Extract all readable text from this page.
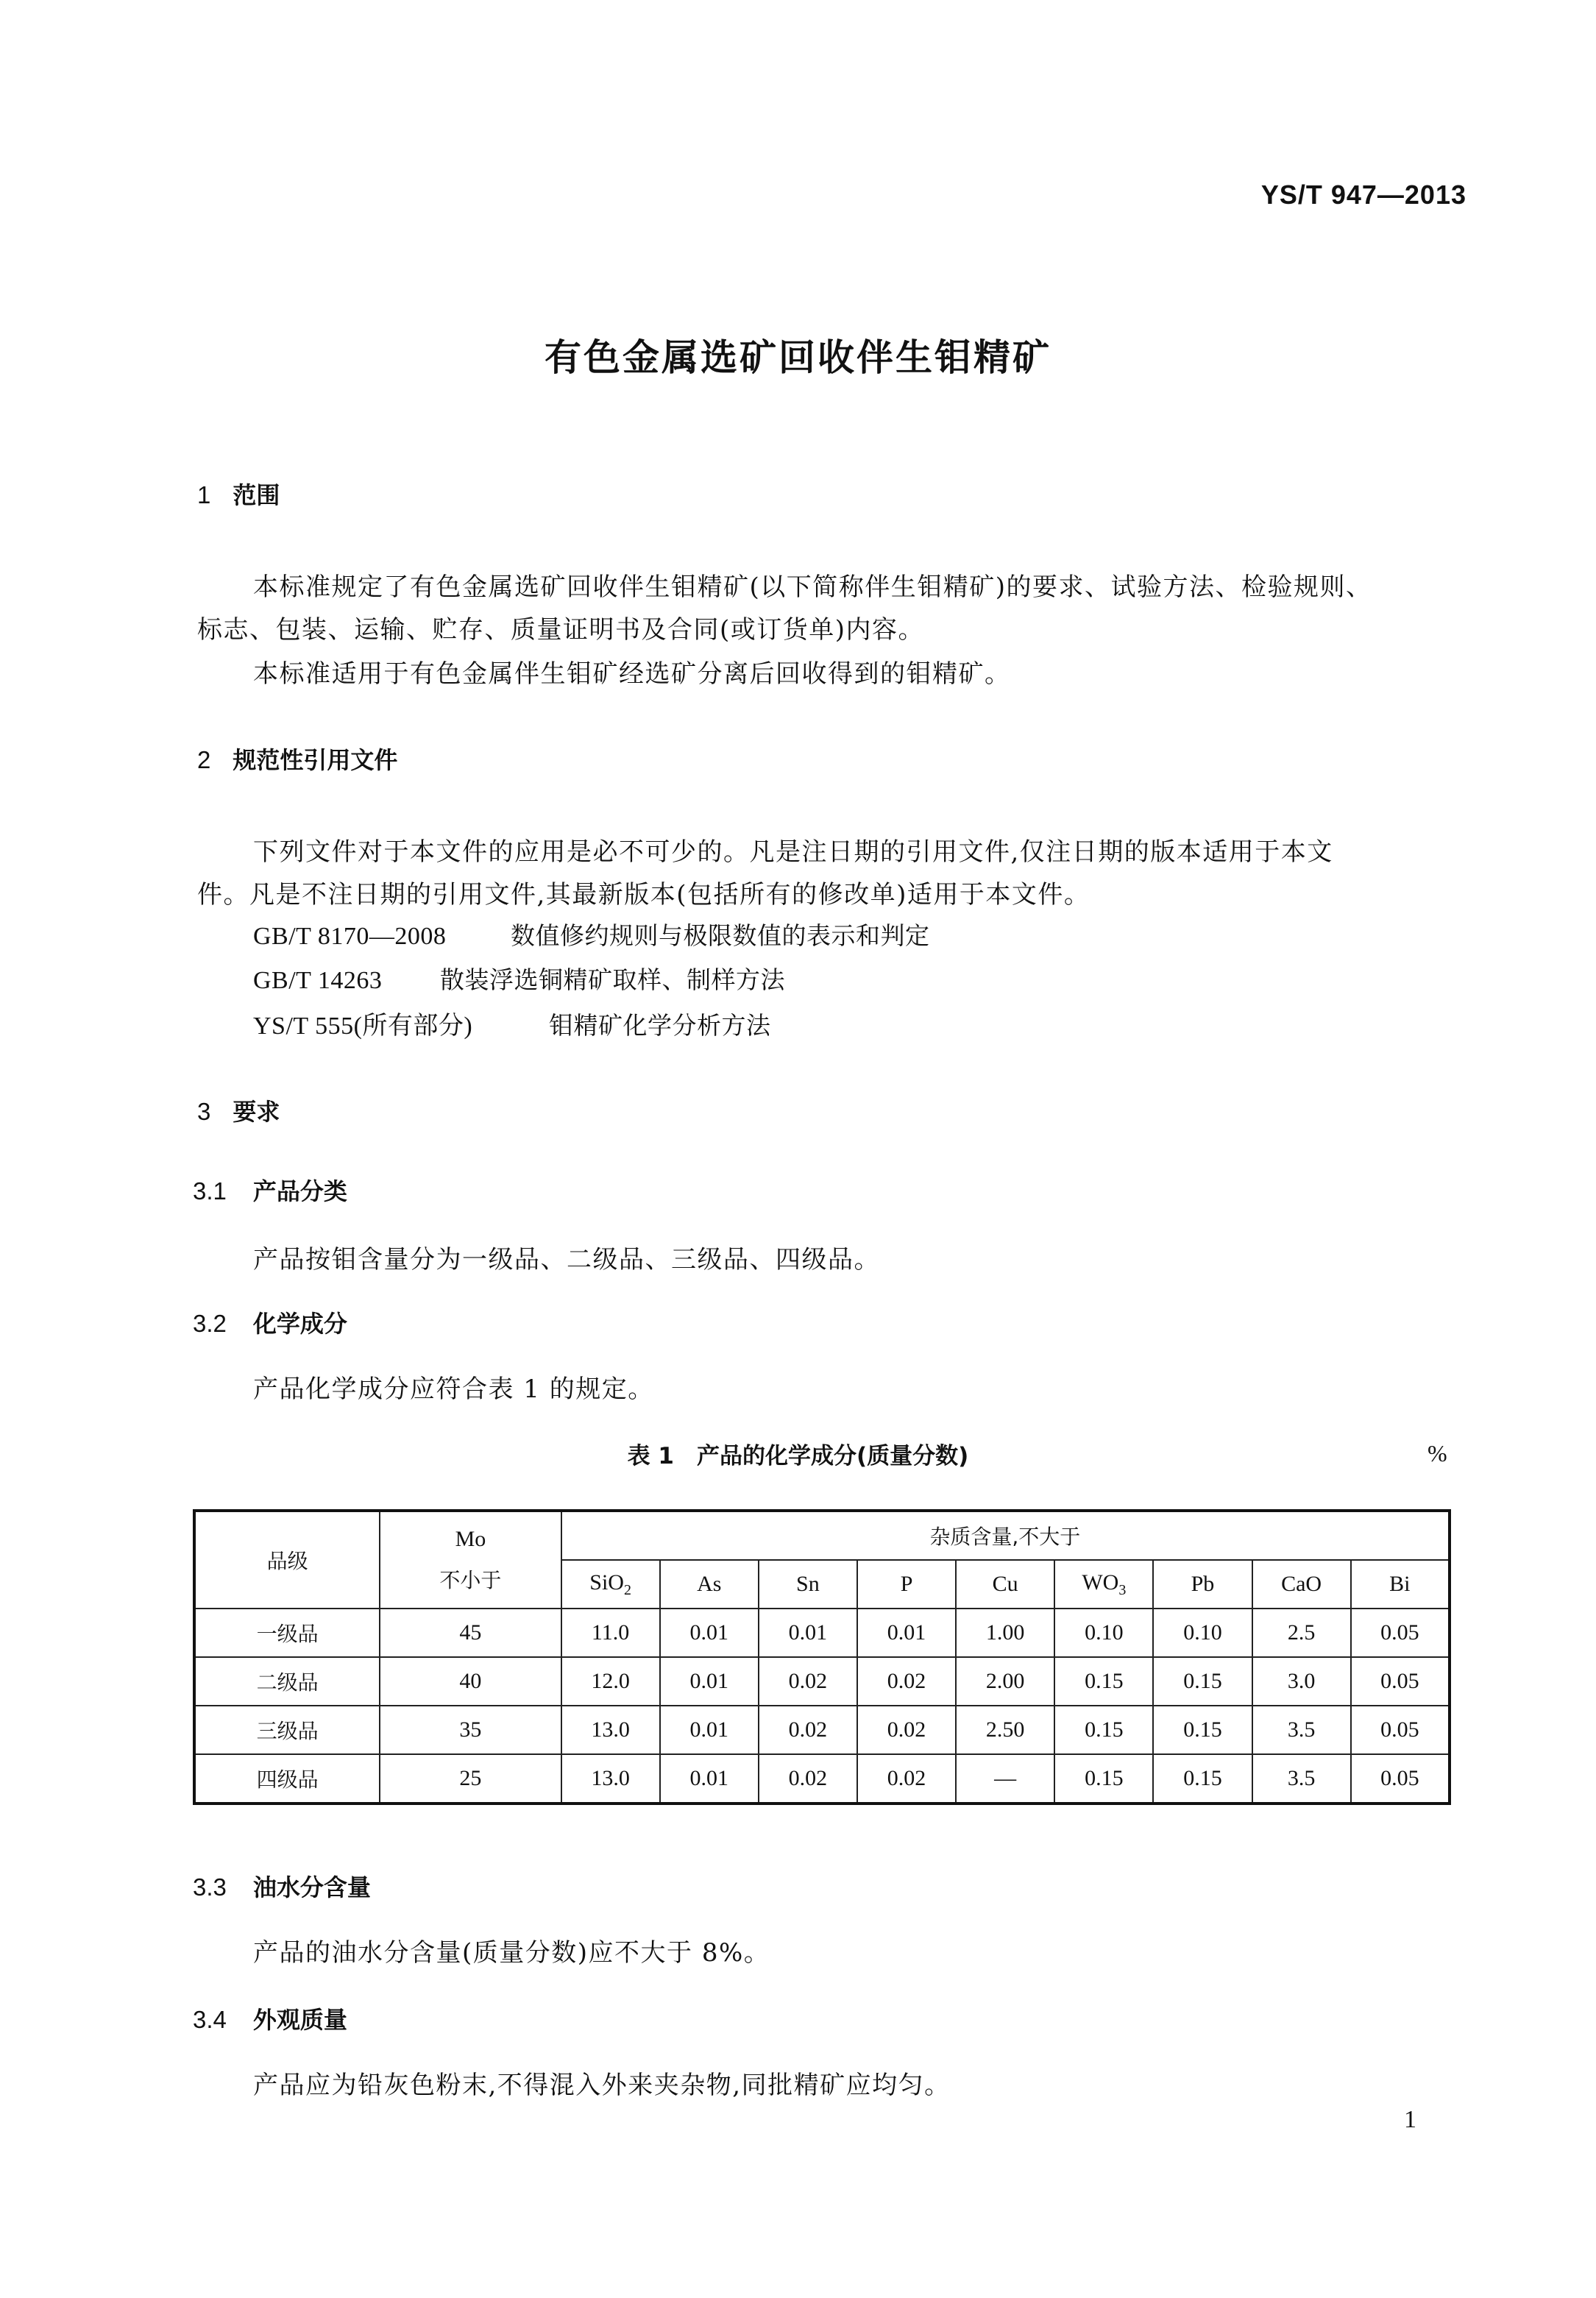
YS/T 947—2013
有色金属选矿回收伴生钼精矿
1 范围
本标准规定了有色金属选矿回收伴生钼精矿(以下简称伴生钼精矿)的要求、试验方法、检验规则、
标志、包装、运输、贮存、质量证明书及合同(或订货单)内容。
本标准适用于有色金属伴生钼矿经选矿分离后回收得到的钼精矿。
2 规范性引用文件
下列文件对于本文件的应用是必不可少的。凡是注日期的引用文件,仅注日期的版本适用于本文
件。凡是不注日期的引用文件,其最新版本(包括所有的修改单)适用于本文件。
GB/T 8170—2008	数值修约规则与极限数值的表示和判定
GB/T 14263 散装浮选铜精矿取样、制样方法
YS/T 555(所有部分)	钼精矿化学分析方法
3 要求
3.1 产品分类
产品按钼含量分为一级品、二级品、三级品、四级品。
3.2 化学成分
产品化学成分应符合表 1 的规定。
表 1　产品的化学成分(质量分数)	%
品级	Mo
不小于	杂质含量,不大于								
		SiO$_2$	As	Sn	P	Cu	$WO_3$	Pb	CaO	Bi
一级品	45	11.0	0.01	0.01	0.01	1.00	0.10	0.10	2.5	0.05
二级品	40	12.0	0.01	0.02	0.02	2.00	0.15	0.15	3.0	0.05
三级品	35	13.0	0.01	0.02	0.02	2.50	0.15	0.15	3.5	0.05
四级品	25	13.0	0.01	0.02	0.02	—	0.15	0.15	3.5	0.05
3.3 油水分含量
产品的油水分含量(质量分数)应不大于 8%。
3.4 外观质量
产品应为铅灰色粉末,不得混入外来夹杂物,同批精矿应均匀。
1
